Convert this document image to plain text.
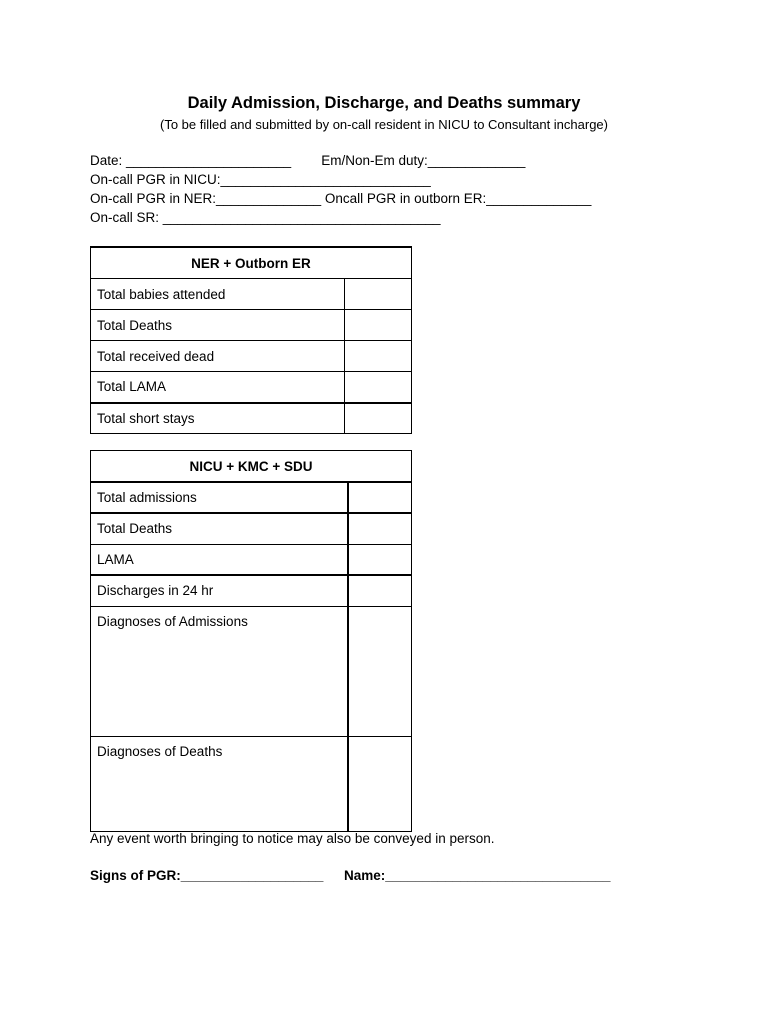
Daily Admission, Discharge, and Deaths summary
(To be filled and submitted by on-call resident in NICU to Consultant incharge)
Date: ______________________        Em/Non-Em duty:_____________
On-call PGR in NICU:____________________________
On-call PGR in NER:______________ Oncall PGR in outborn ER:______________
On-call SR: _____________________________________
NER + Outborn ER	
Total babies attended	
Total Deaths	
Total received dead	
Total LAMA	
Total short stays	
NICU + KMC + SDU	
Total admissions	
Total Deaths	
LAMA	
Discharges in 24 hr	
Diagnoses of Admissions	
Diagnoses of Deaths	
Any event worth bringing to notice may also be conveyed in person.
Signs of PGR:___________________ Name:______________________________
